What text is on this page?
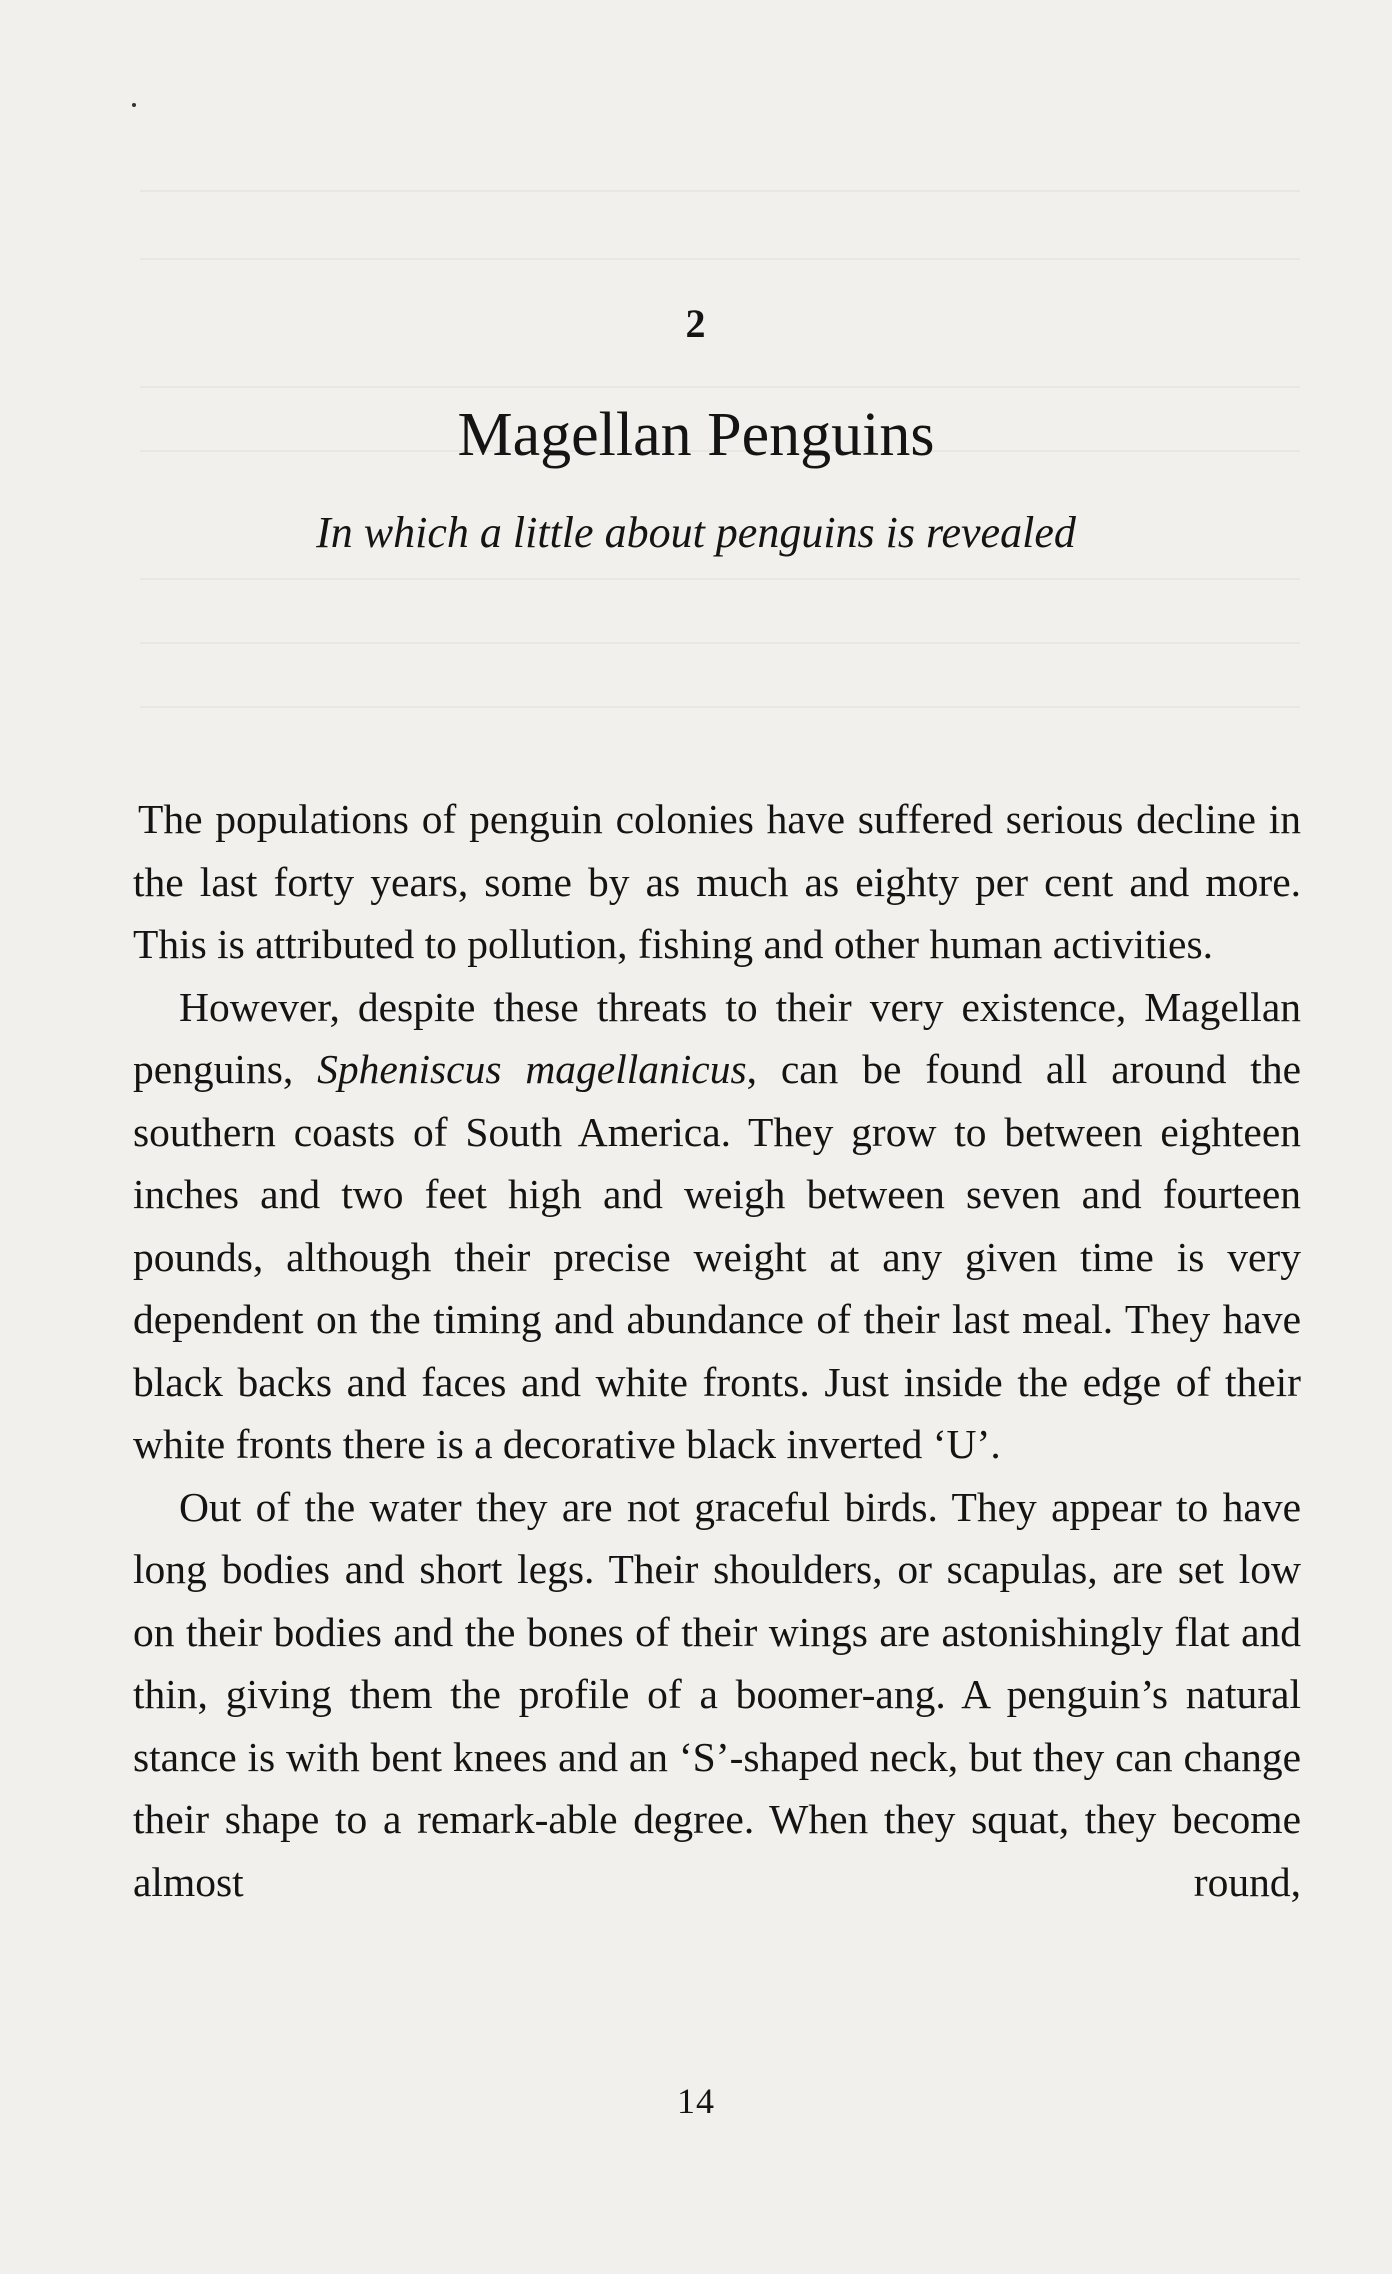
2
Magellan Penguins
In which a little about penguins is revealed

The populations of penguin colonies have suffered serious decline in the last forty years, some by as much as eighty per cent and more. This is attributed to pollution, fishing and other human activities.

However, despite these threats to their very existence, Magellan penguins, Spheniscus magellanicus, can be found all around the southern coasts of South America. They grow to between eighteen inches and two feet high and weigh between seven and fourteen pounds, although their precise weight at any given time is very dependent on the timing and abundance of their last meal. They have black backs and faces and white fronts. Just inside the edge of their white fronts there is a decorative black inverted ‘U’.

Out of the water they are not graceful birds. They appear to have long bodies and short legs. Their shoulders, or scapulas, are set low on their bodies and the bones of their wings are astonishingly flat and thin, giving them the profile of a boomer-ang. A penguin’s natural stance is with bent knees and an ‘S’-shaped neck, but they can change their shape to a remark-able degree. When they squat, they become almost round,

14
